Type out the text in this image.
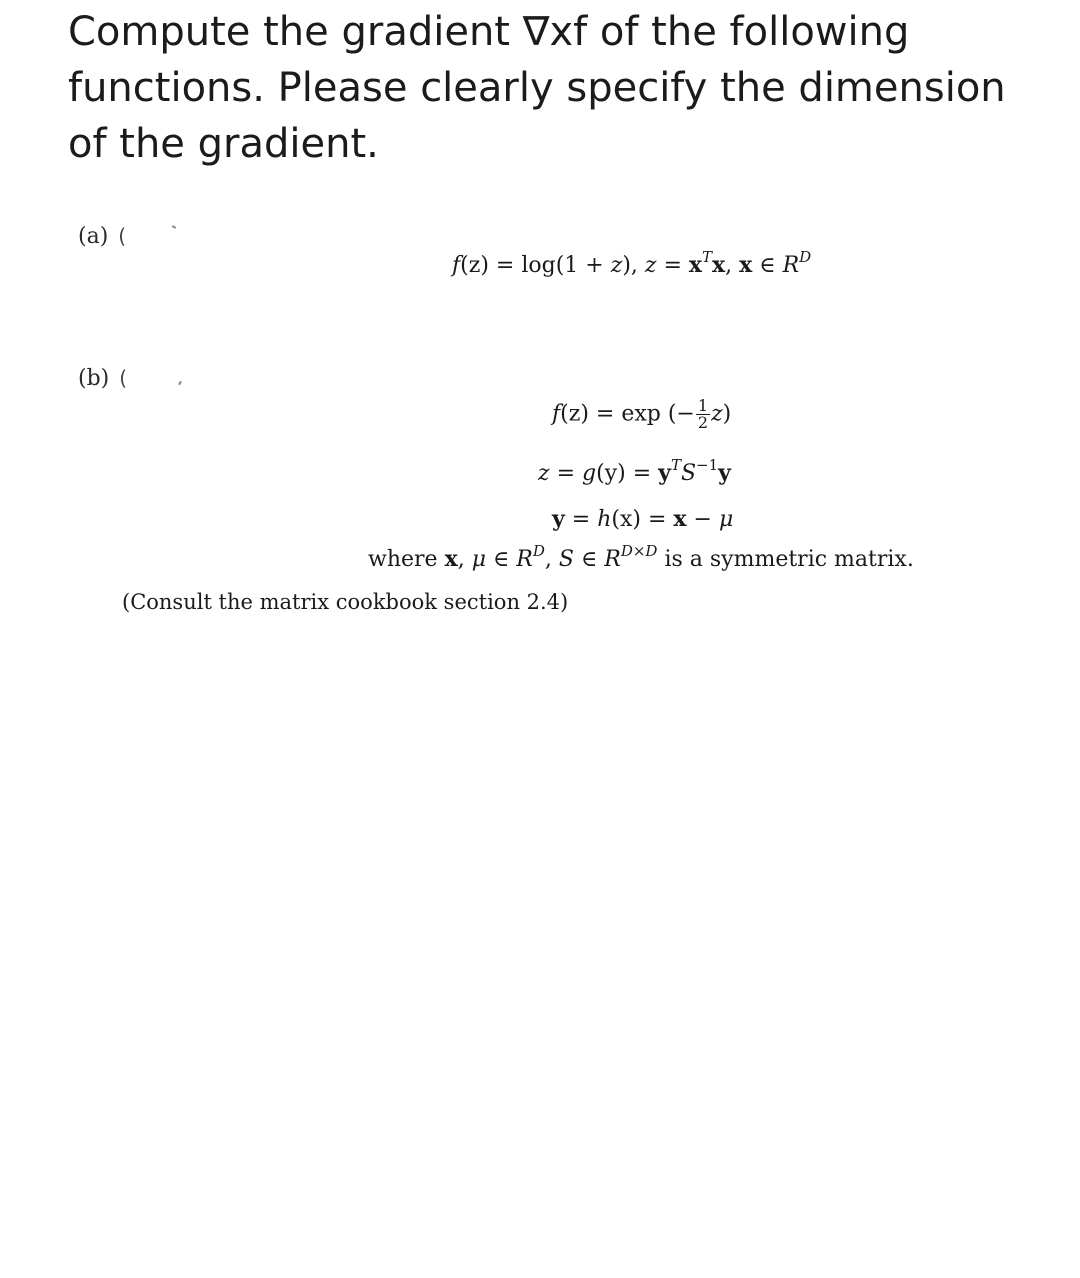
Compute the gradient ∇xf of the following
functions. Please clearly specify the dimension
of the gradient.
(a) (
f(z) = log(1 + z), $z = x^Tx$, x ∈ $R^D$
(b) (
f(z) = exp (− $\frac{1}{2} z$)
$z = g(y) = y^TS^{-1}y$
y = h(x) = x − μ
where x, μ ∈ $R^D$, S ∈ $R^{D\times D}$ is a symmetric matrix.
(Consult the matrix cookbook section 2.4)
